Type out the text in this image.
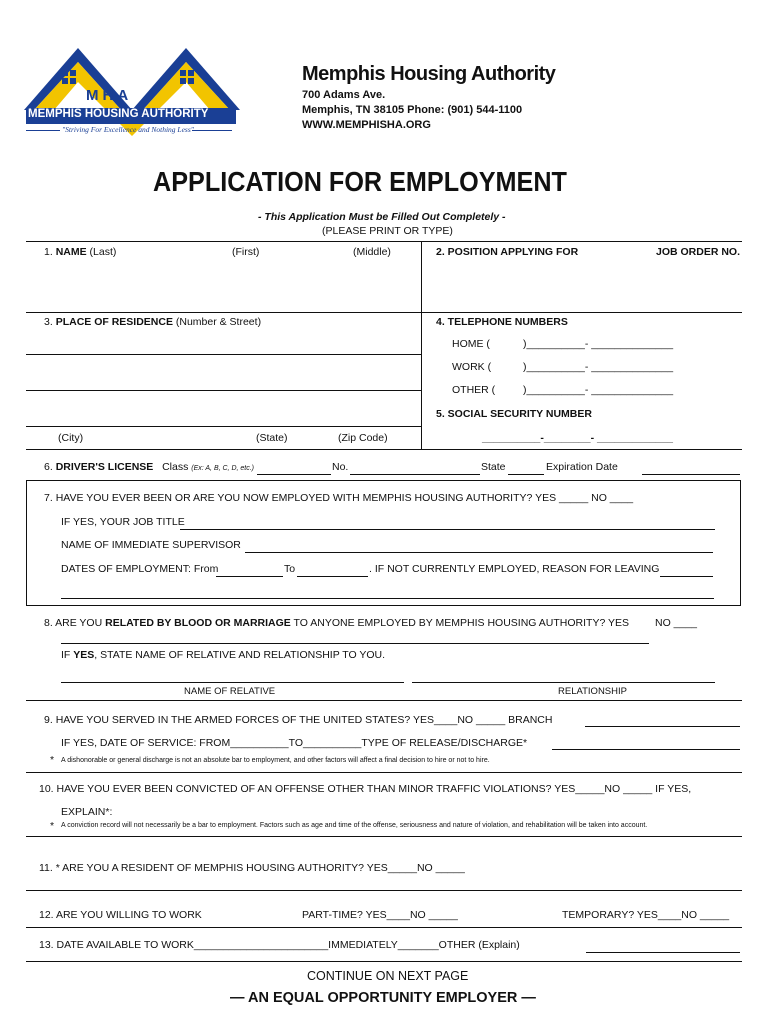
MHA
MEMPHIS HOUSING AUTHORITY
"Striving For Excellence and Nothing Less"
Memphis Housing Authority
700 Adams Ave.
Memphis, TN 38105 Phone: (901) 544-1100
WWW.MEMPHISHA.ORG
APPLICATION FOR EMPLOYMENT
- This Application Must be Filled Out Completely -
(PLEASE PRINT OR TYPE)
1. NAME (Last)	(First)	(Middle)	2. POSITION APPLYING FOR	JOB ORDER NO.
3. PLACE OF RESIDENCE (Number & Street)
(City)	(State)	(Zip Code)
4. TELEPHONE NUMBERS
HOME (	)__________- ______________
WORK (	)__________- ______________
OTHER (	)__________- ______________
5. SOCIAL SECURITY NUMBER
__________-________- _____________
6. DRIVER'S LICENSE Class (Ex: A, B, C, D, etc.)	No.	State	Expiration Date
7. HAVE YOU EVER BEEN OR ARE YOU NOW EMPLOYED WITH MEMPHIS HOUSING AUTHORITY? YES _____ NO ____
IF YES, YOUR JOB TITLE
NAME OF IMMEDIATE SUPERVISOR
DATES OF EMPLOYMENT: From	To	. IF NOT CURRENTLY EMPLOYED, REASON FOR LEAVING
8. ARE YOU RELATED BY BLOOD OR MARRIAGE TO ANYONE EMPLOYED BY MEMPHIS HOUSING AUTHORITY? YES NO ____
IF YES, STATE NAME OF RELATIVE AND RELATIONSHIP TO YOU.
NAME OF RELATIVE	RELATIONSHIP
9. HAVE YOU SERVED IN THE ARMED FORCES OF THE UNITED STATES? YES____NO _____ BRANCH
IF YES, DATE OF SERVICE: FROM__________TO__________TYPE OF RELEASE/DISCHARGE*
* A dishonorable or general discharge is not an absolute bar to employment, and other factors will affect a final decision to hire or not to hire.
10. HAVE YOU EVER BEEN CONVICTED OF AN OFFENSE OTHER THAN MINOR TRAFFIC VIOLATIONS? YES_____NO _____ IF YES,
EXPLAIN*:
* A conviction record will not necessarily be a bar to employment. Factors such as age and time of the offense, seriousness and nature of violation, and rehabilitation will be taken into account.
11. * ARE YOU A RESIDENT OF MEMPHIS HOUSING AUTHORITY? YES_____NO _____
12. ARE YOU WILLING TO WORK	PART-TIME? YES____NO _____	TEMPORARY? YES____NO _____
13. DATE AVAILABLE TO WORK_______________________IMMEDIATELY_______OTHER (Explain)
CONTINUE ON NEXT PAGE
— AN EQUAL OPPORTUNITY EMPLOYER —
